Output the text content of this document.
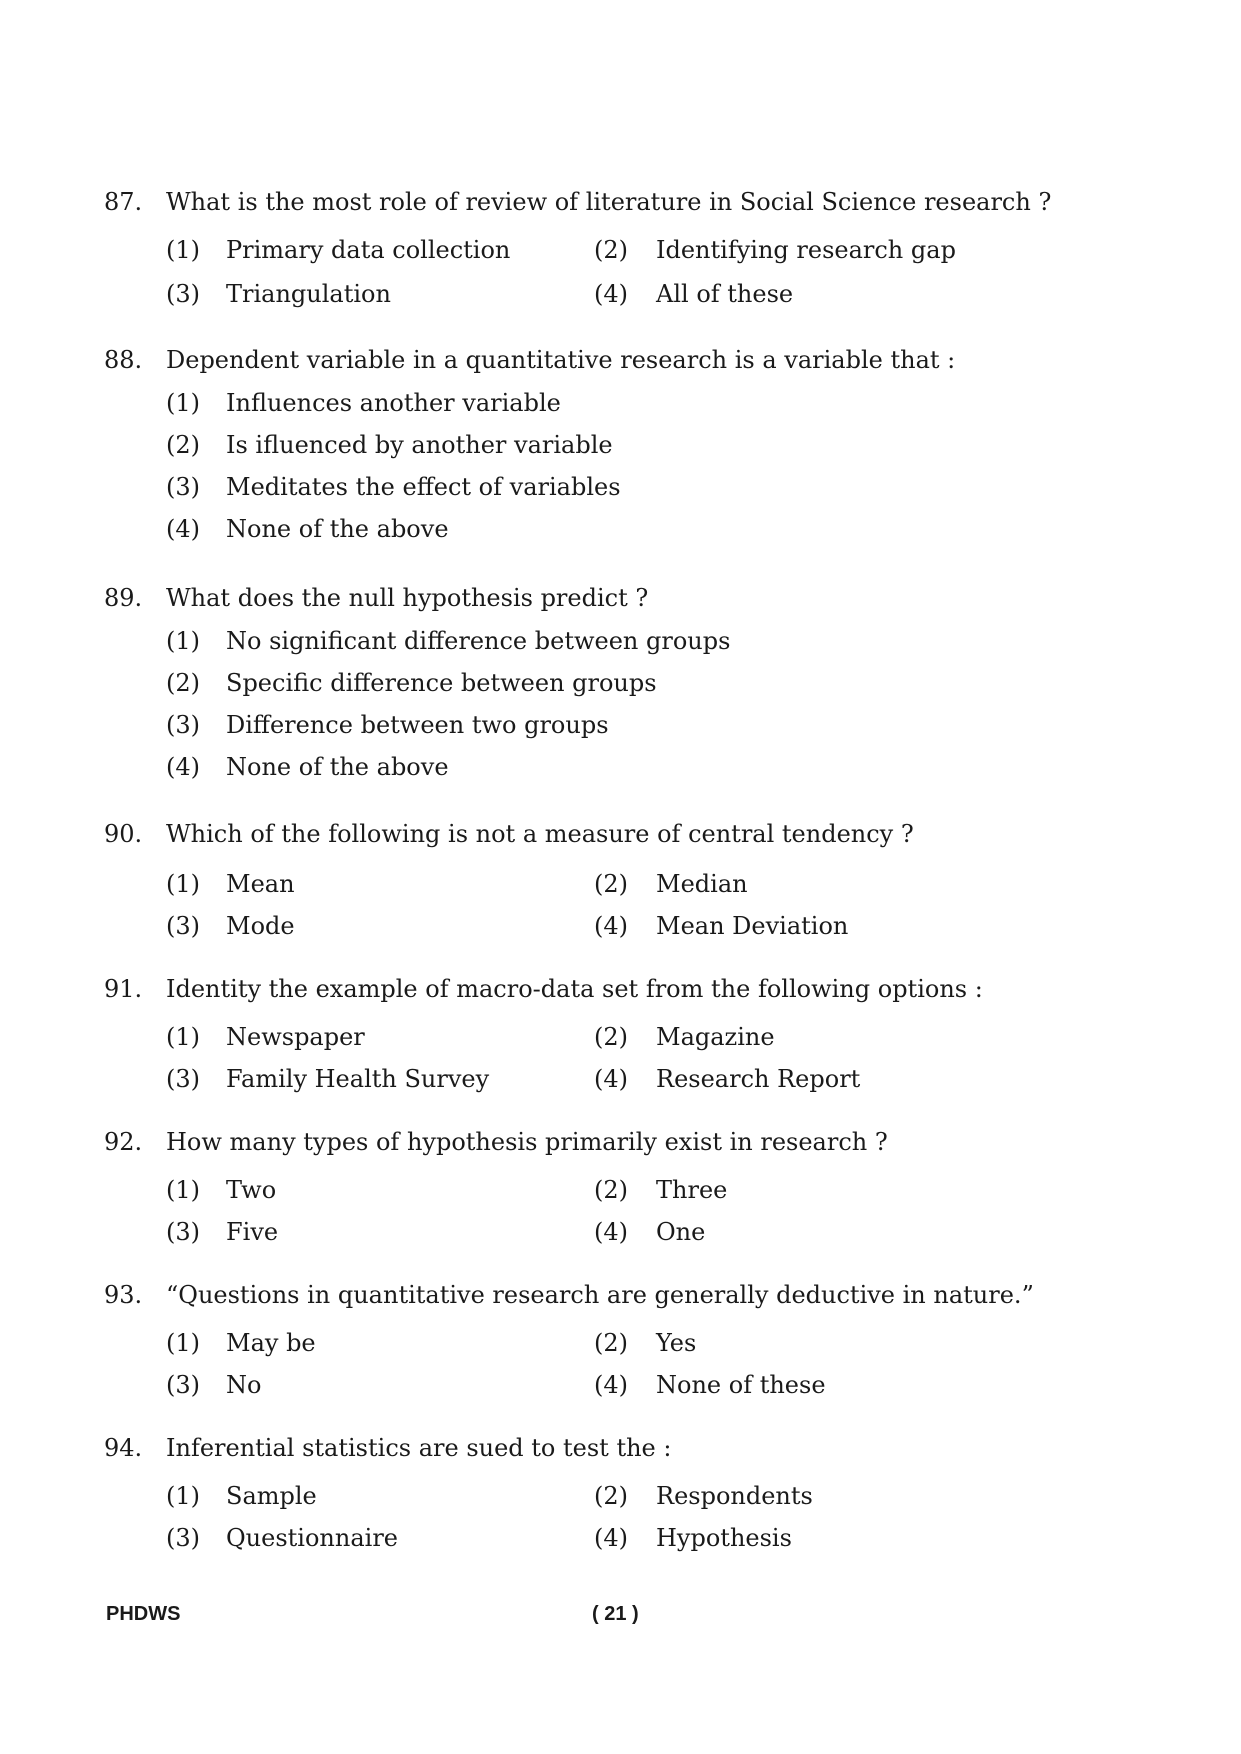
87. What is the most role of review of literature in Social Science research ?
(1) Primary data collection	(2) Identifying research gap
(3) Triangulation	(4) All of these
88. Dependent variable in a quantitative research is a variable that :
(1) Influences another variable
(2) Is ifluenced by another variable
(3) Meditates the effect of variables
(4) None of the above
89. What does the null hypothesis predict ?
(1) No significant difference between groups
(2) Specific difference between groups
(3) Difference between two groups
(4) None of the above
90. Which of the following is not a measure of central tendency ?
(1) Mean	(2) Median
(3) Mode	(4) Mean Deviation
91. Identity the example of macro-data set from the following options :
(1) Newspaper	(2) Magazine
(3) Family Health Survey	(4) Research Report
92. How many types of hypothesis primarily exist in research ?
(1) Two	(2) Three
(3) Five	(4) One
93. “Questions in quantitative research are generally deductive in nature.”
(1) May be	(2) Yes
(3) No	(4) None of these
94. Inferential statistics are sued to test the :
(1) Sample	(2) Respondents
(3) Questionnaire	(4) Hypothesis
PHDWS	( 21 )
